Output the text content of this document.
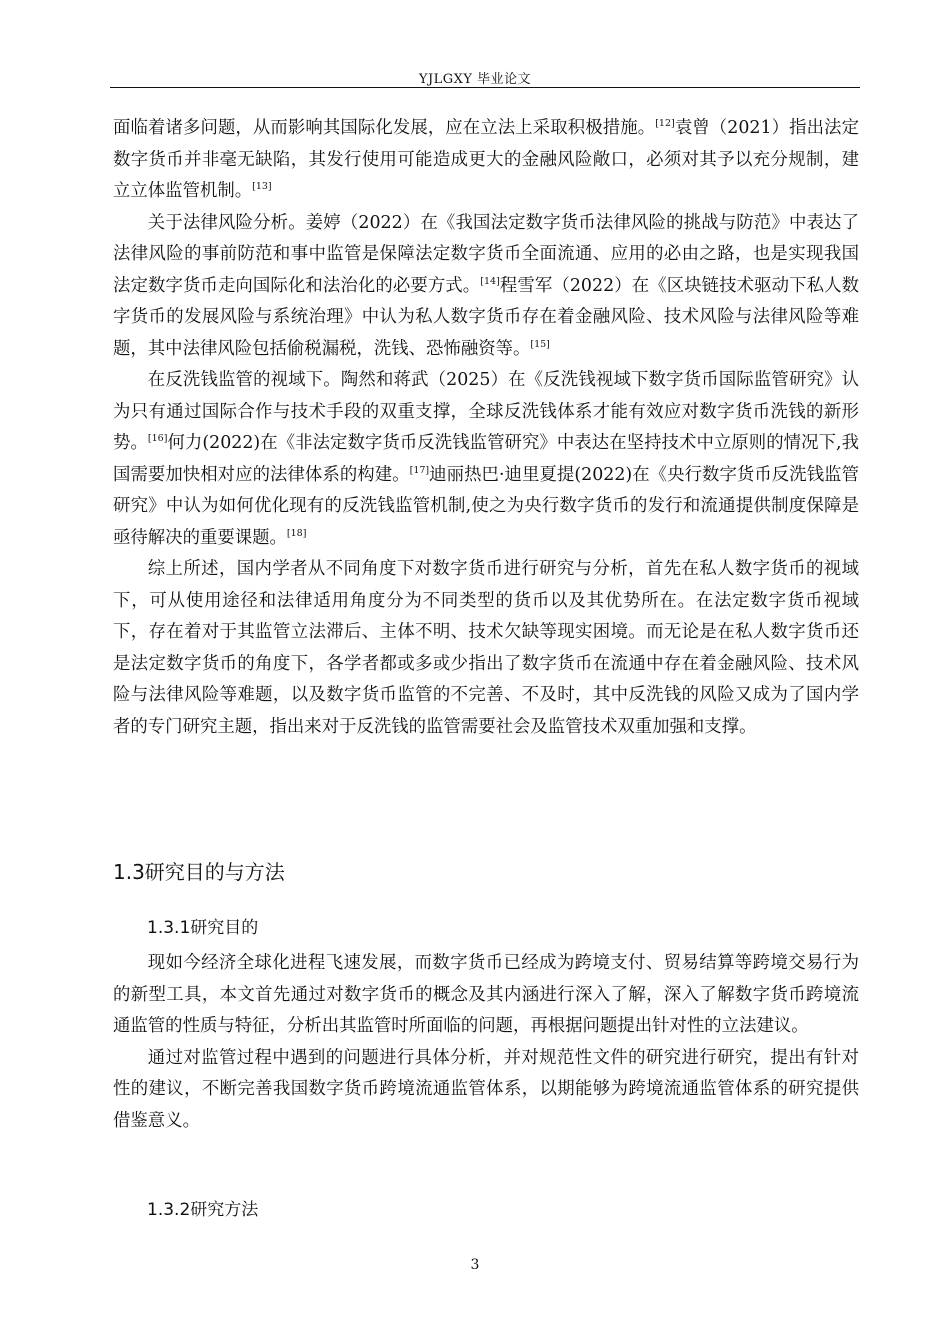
YJLGXY 毕业论文

面临着诸多问题，从而影响其国际化发展，应在立法上采取积极措施。[12]袁曾（2021）指出法定数字货币并非毫无缺陷，其发行使用可能造成更大的金融风险敞口，必须对其予以充分规制，建立立体监管机制。[13]

关于法律风险分析。姜婷（2022）在《我国法定数字货币法律风险的挑战与防范》中表达了法律风险的事前防范和事中监管是保障法定数字货币全面流通、应用的必由之路，也是实现我国法定数字货币走向国际化和法治化的必要方式。[14]程雪军（2022）在《区块链技术驱动下私人数字货币的发展风险与系统治理》中认为私人数字货币存在着金融风险、技术风险与法律风险等难题，其中法律风险包括偷税漏税，洗钱、恐怖融资等。[15]

在反洗钱监管的视域下。陶然和蒋武（2025）在《反洗钱视域下数字货币国际监管研究》认为只有通过国际合作与技术手段的双重支撑，全球反洗钱体系才能有效应对数字货币洗钱的新形势。[16]何力(2022)在《非法定数字货币反洗钱监管研究》中表达在坚持技术中立原则的情况下,我国需要加快相对应的法律体系的构建。[17]迪丽热巴·迪里夏提(2022)在《央行数字货币反洗钱监管研究》中认为如何优化现有的反洗钱监管机制,使之为央行数字货币的发行和流通提供制度保障是亟待解决的重要课题。[18]

综上所述，国内学者从不同角度下对数字货币进行研究与分析，首先在私人数字货币的视域下，可从使用途径和法律适用角度分为不同类型的货币以及其优势所在。在法定数字货币视域下，存在着对于其监管立法滞后、主体不明、技术欠缺等现实困境。而无论是在私人数字货币还是法定数字货币的角度下，各学者都或多或少指出了数字货币在流通中存在着金融风险、技术风险与法律风险等难题，以及数字货币监管的不完善、不及时，其中反洗钱的风险又成为了国内学者的专门研究主题，指出来对于反洗钱的监管需要社会及监管技术双重加强和支撑。

1.3研究目的与方法
1.3.1研究目的

现如今经济全球化进程飞速发展，而数字货币已经成为跨境支付、贸易结算等跨境交易行为的新型工具，本文首先通过对数字货币的概念及其内涵进行深入了解，深入了解数字货币跨境流通监管的性质与特征，分析出其监管时所面临的问题，再根据问题提出针对性的立法建议。

通过对监管过程中遇到的问题进行具体分析，并对规范性文件的研究进行研究，提出有针对性的建议，不断完善我国数字货币跨境流通监管体系，以期能够为跨境流通监管体系的研究提供借鉴意义。

1.3.2研究方法
3
